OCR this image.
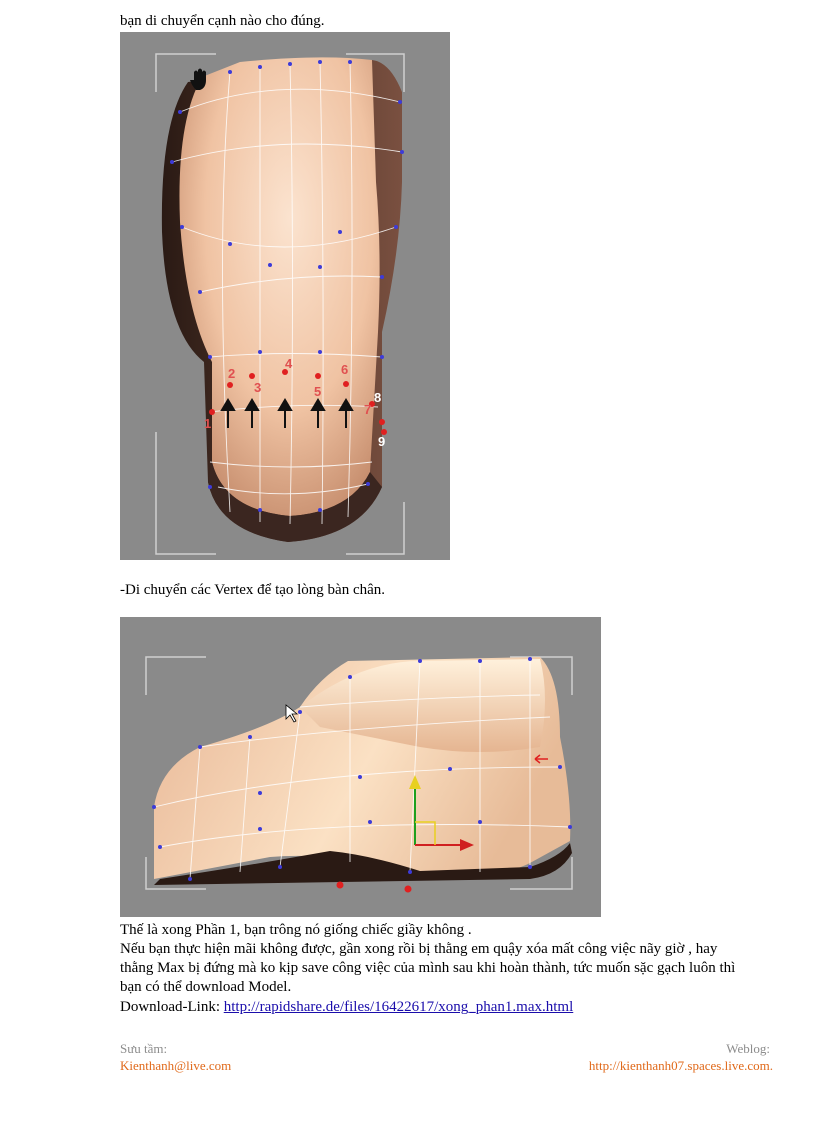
bạn di chuyển cạnh nào cho đúng.
1
2
3
4
5
6
7
8
9
-Di chuyển các Vertex để tạo lòng bàn chân.
Thế là xong Phần 1, bạn trông nó giống chiếc giầy không .
Nếu bạn thực hiện mãi không được, gần xong rồi bị thằng em quậy xóa mất công việc nãy giờ , hay
thằng Max bị đứng mà ko kịp save công việc của mình sau khi hoàn thành, tức muốn sặc gạch luôn thì
bạn có thể download Model.
Download-Link: http://rapidshare.de/files/16422617/xong_phan1.max.html
Sưu tầm:
Kienthanh@live.com
Weblog:
http://kienthanh07.spaces.live.com.
